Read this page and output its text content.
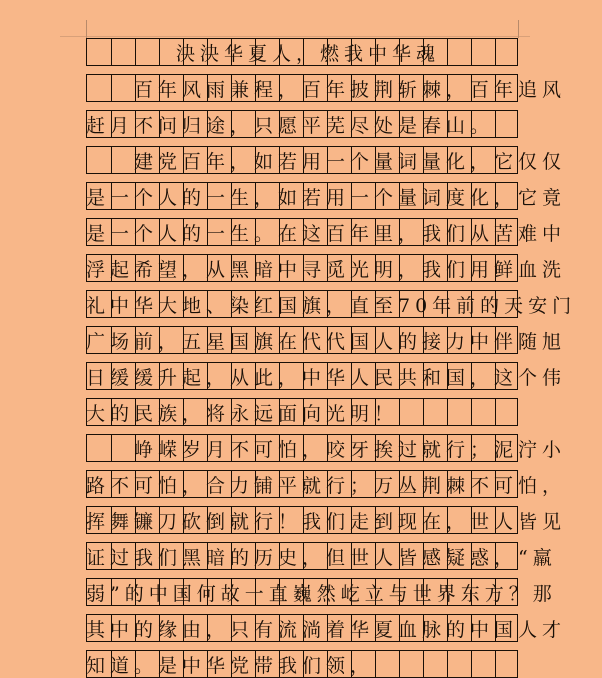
泱泱华夏人，燃我中华魂
百年风雨兼程，百年披荆斩棘，百年追风
赶月不问归途，只愿平芜尽处是春山。
建党百年，如若用一个量词量化，它仅仅
是一个人的一生，如若用一个量词度化，它竟
是一个人的一生。在这百年里，我们从苦难中
浮起希望，从黑暗中寻觅光明，我们用鲜血洗
礼中华大地、染红国旗，直至70年前的天安门
广场前，五星国旗在代代国人的接力中伴随旭
日缓缓升起，从此，中华人民共和国，这个伟
大的民族，将永远面向光明！
峥嵘岁月不可怕，咬牙挨过就行；泥泞小
路不可怕，合力铺平就行；万丛荆棘不可怕，
挥舞镰刀砍倒就行！我们走到现在，世人皆见
证过我们黑暗的历史，但世人皆感疑惑，“羸
弱”的中国何故一直巍然屹立与世界东方？那
其中的缘由，只有流淌着华夏血脉的中国人才
知道。是中华党带我们领，
